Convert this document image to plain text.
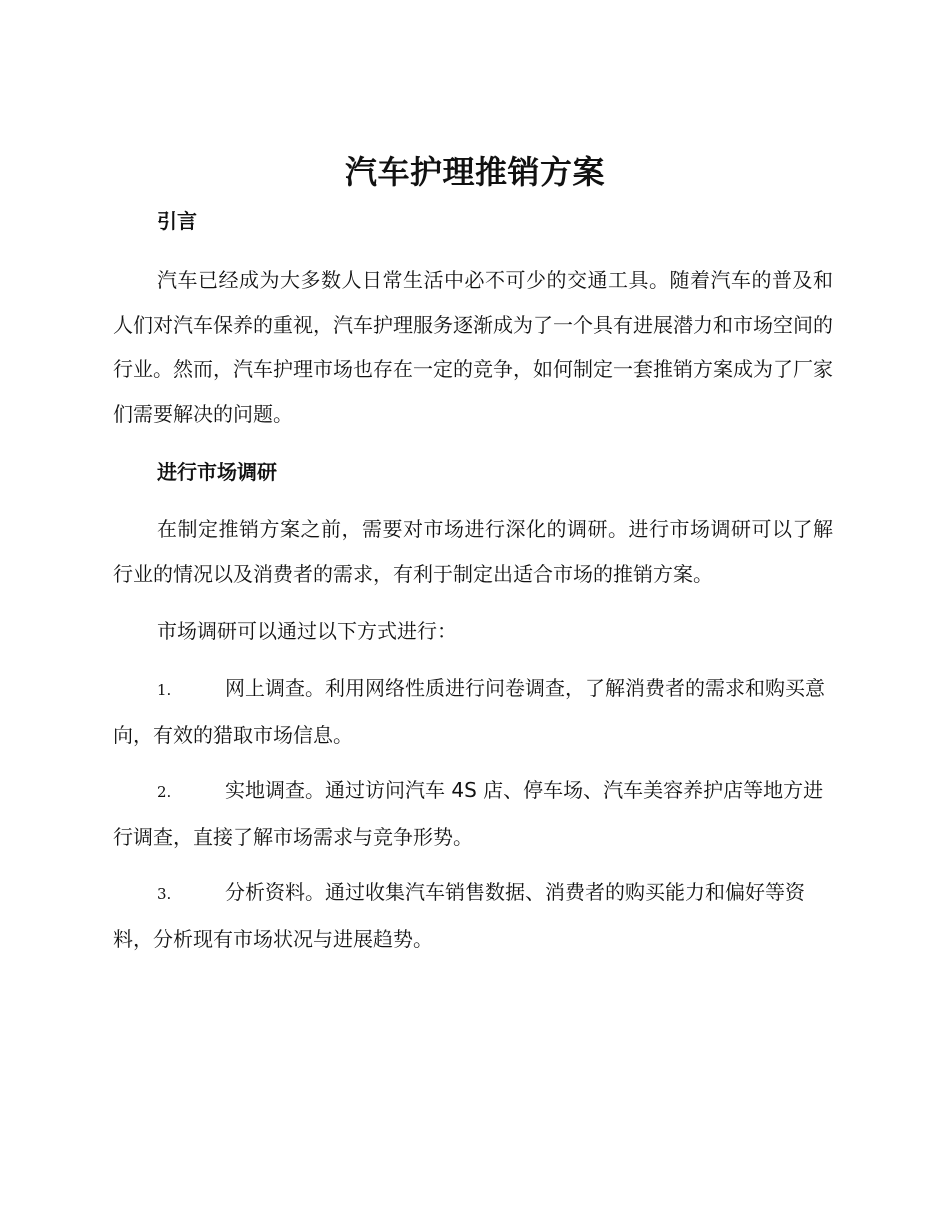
汽车护理推销方案
引言

汽车已经成为大多数人日常生活中必不可少的交通工具。随着汽车的普及和人们对汽车保养的重视，汽车护理服务逐渐成为了一个具有进展潜力和市场空间的行业。然而，汽车护理市场也存在一定的竞争，如何制定一套推销方案成为了厂家们需要解决的问题。

进行市场调研

在制定推销方案之前，需要对市场进行深化的调研。进行市场调研可以了解行业的情况以及消费者的需求，有利于制定出适合市场的推销方案。

市场调研可以通过以下方式进行：

1.	网上调查。利用网络性质进行问卷调查，了解消费者的需求和购买意向，有效的猎取市场信息。

2.	实地调查。通过访问汽车 4S 店、停车场、汽车美容养护店等地方进行调查，直接了解市场需求与竞争形势。

3.	分析资料。通过收集汽车销售数据、消费者的购买能力和偏好等资料，分析现有市场状况与进展趋势。
